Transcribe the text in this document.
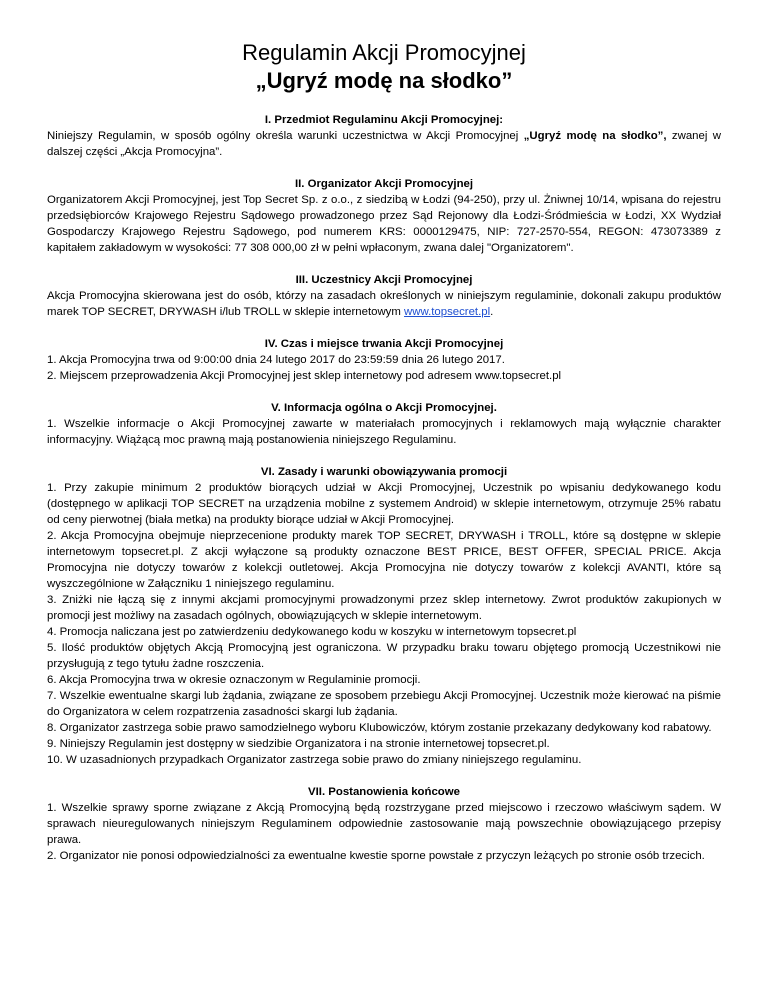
Regulamin Akcji Promocyjnej
„Ugryź modę na słodko”

I. Przedmiot Regulaminu Akcji Promocyjnej:

Niniejszy Regulamin, w sposób ogólny określa warunki uczestnictwa w Akcji Promocyjnej „Ugryź modę na słodko”, zwanej w dalszej części „Akcja Promocyjna”.

II. Organizator Akcji Promocyjnej

Organizatorem Akcji Promocyjnej, jest Top Secret Sp. z o.o., z siedzibą w Łodzi (94-250), przy ul. Żniwnej 10/14, wpisana do rejestru przedsiębiorców Krajowego Rejestru Sądowego prowadzonego przez Sąd Rejonowy dla Łodzi-Śródmieścia w Łodzi, XX Wydział Gospodarczy Krajowego Rejestru Sądowego, pod numerem KRS: 0000129475, NIP: 727-2570-554, REGON: 473073389 z kapitałem zakładowym w wysokości: 77 308 000,00 zł w pełni wpłaconym, zwana dalej "Organizatorem".

III. Uczestnicy Akcji Promocyjnej

Akcja Promocyjna skierowana jest do osób, którzy na zasadach określonych w niniejszym regulaminie, dokonali zakupu produktów marek TOP SECRET, DRYWASH i/lub TROLL w sklepie internetowym www.topsecret.pl.

IV. Czas i miejsce trwania Akcji Promocyjnej

1. Akcja Promocyjna trwa od 9:00:00 dnia 24 lutego 2017 do 23:59:59 dnia 26 lutego 2017.

2. Miejscem przeprowadzenia Akcji Promocyjnej jest sklep internetowy pod adresem www.topsecret.pl

V. Informacja ogólna o Akcji Promocyjnej.

1. Wszelkie informacje o Akcji Promocyjnej zawarte w materiałach promocyjnych i reklamowych mają wyłącznie charakter informacyjny. Wiążącą moc prawną mają postanowienia niniejszego Regulaminu.

VI. Zasady i warunki obowiązywania promocji

1. Przy zakupie minimum 2 produktów biorących udział w Akcji Promocyjnej, Uczestnik po wpisaniu dedykowanego kodu (dostępnego w aplikacji TOP SECRET na urządzenia mobilne z systemem Android) w sklepie internetowym, otrzymuje 25% rabatu od ceny pierwotnej (biała metka) na produkty biorące udział w Akcji Promocyjnej.

2. Akcja Promocyjna obejmuje nieprzecenione produkty marek TOP SECRET, DRYWASH i TROLL, które są dostępne w sklepie internetowym topsecret.pl. Z akcji wyłączone są produkty oznaczone BEST PRICE, BEST OFFER, SPECIAL PRICE. Akcja Promocyjna nie dotyczy towarów z kolekcji outletowej. Akcja Promocyjna nie dotyczy towarów z kolekcji AVANTI, które są wyszczególnione w Załączniku 1 niniejszego regulaminu.

3. Zniżki nie łączą się z innymi akcjami promocyjnymi prowadzonymi przez sklep internetowy. Zwrot produktów zakupionych w promocji jest możliwy na zasadach ogólnych, obowiązujących w sklepie internetowym.

4. Promocja naliczana jest po zatwierdzeniu dedykowanego kodu w koszyku w internetowym topsecret.pl

5. Ilość produktów objętych Akcją Promocyjną jest ograniczona. W przypadku braku towaru objętego promocją Uczestnikowi nie przysługują z tego tytułu żadne roszczenia.

6. Akcja Promocyjna trwa w okresie oznaczonym w Regulaminie promocji.

7. Wszelkie ewentualne skargi lub żądania, związane ze sposobem przebiegu Akcji Promocyjnej. Uczestnik może kierować na piśmie do Organizatora w celem rozpatrzenia zasadności skargi lub żądania.

8. Organizator zastrzega sobie prawo samodzielnego wyboru Klubowiczów, którym zostanie przekazany dedykowany kod rabatowy.

9. Niniejszy Regulamin jest dostępny w siedzibie Organizatora i na stronie internetowej topsecret.pl.

10. W uzasadnionych przypadkach Organizator zastrzega sobie prawo do zmiany niniejszego regulaminu.

VII. Postanowienia końcowe

1. Wszelkie sprawy sporne związane z Akcją Promocyjną będą rozstrzygane przed miejscowo i rzeczowo właściwym sądem. W sprawach nieuregulowanych niniejszym Regulaminem odpowiednie zastosowanie mają powszechnie obowiązującego przepisy prawa.

2. Organizator nie ponosi odpowiedzialności za ewentualne kwestie sporne powstałe z przyczyn leżących po stronie osób trzecich.
